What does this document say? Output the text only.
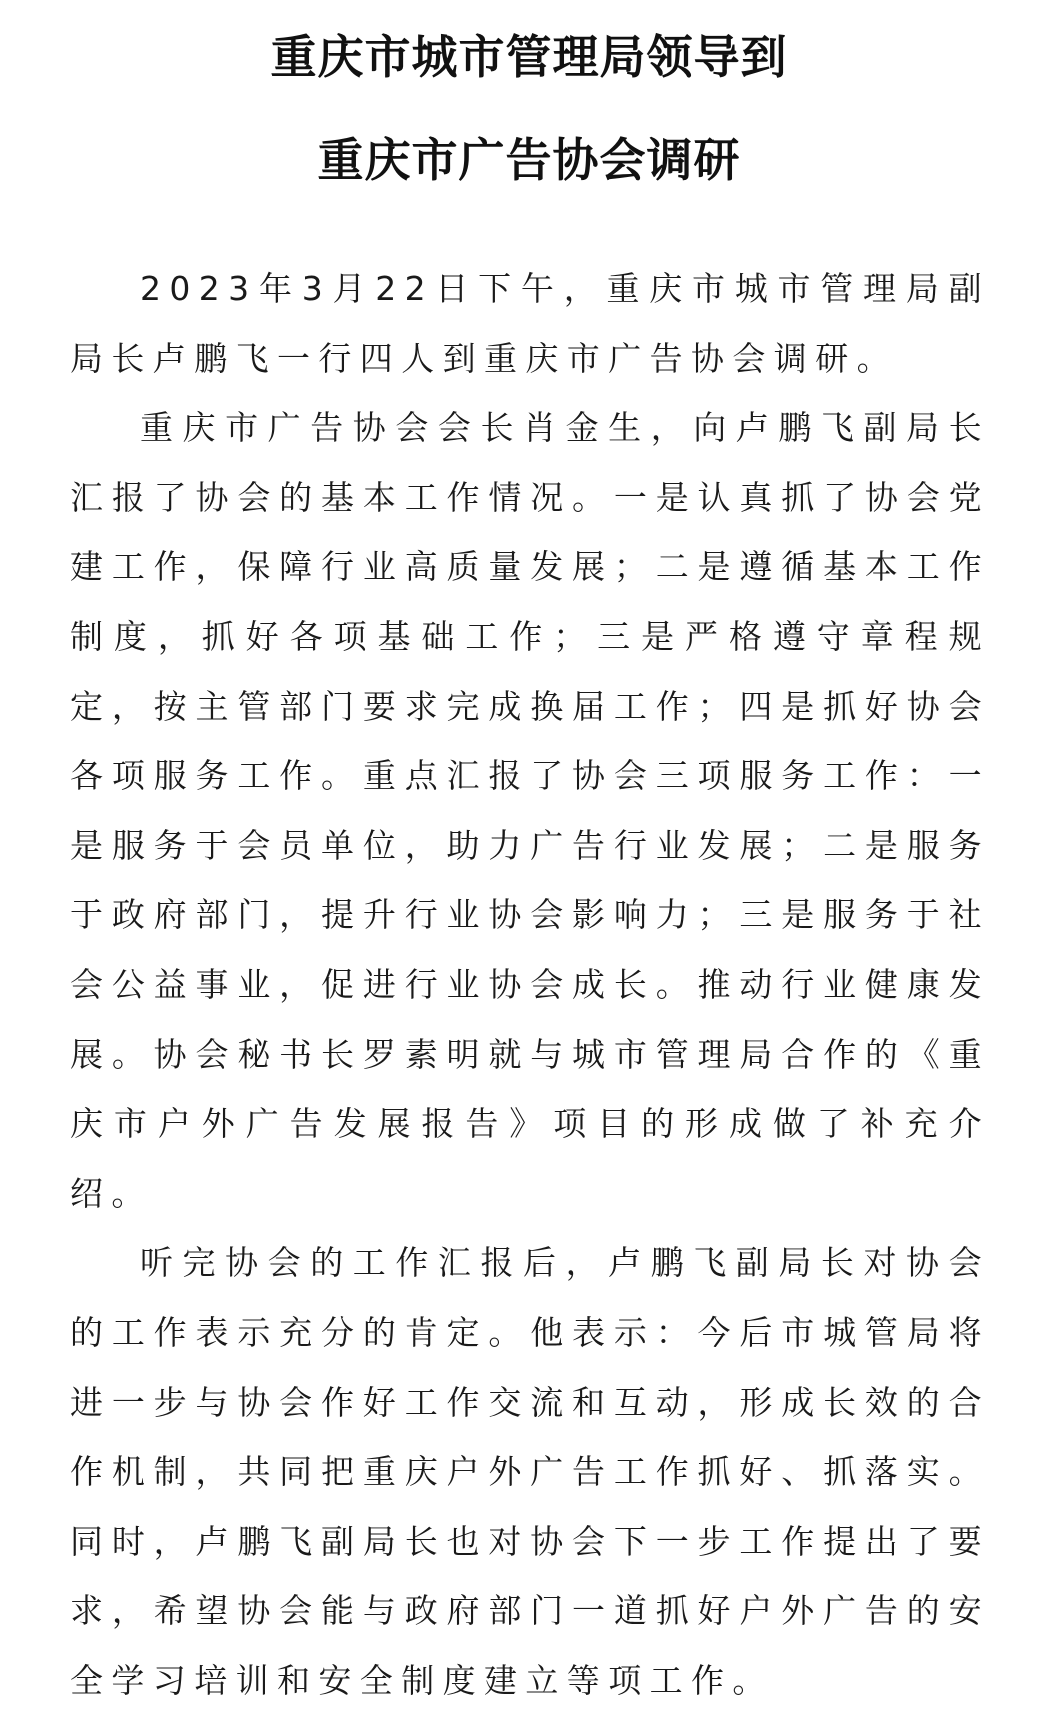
重庆市城市管理局领导到
重庆市广告协会调研

2023年3月22日下午，重庆市城市管理局副局长卢鹏飞一行四人到重庆市广告协会调研。

重庆市广告协会会长肖金生，向卢鹏飞副局长汇报了协会的基本工作情况。一是认真抓了协会党建工作，保障行业高质量发展；二是遵循基本工作制度，抓好各项基础工作；三是严格遵守章程规定，按主管部门要求完成换届工作；四是抓好协会各项服务工作。重点汇报了协会三项服务工作：一是服务于会员单位，助力广告行业发展；二是服务于政府部门，提升行业协会影响力；三是服务于社会公益事业，促进行业协会成长。推动行业健康发展。协会秘书长罗素明就与城市管理局合作的《重庆市户外广告发展报告》项目的形成做了补充介绍。

听完协会的工作汇报后，卢鹏飞副局长对协会的工作表示充分的肯定。他表示：今后市城管局将进一步与协会作好工作交流和互动，形成长效的合作机制，共同把重庆户外广告工作抓好、抓落实。同时，卢鹏飞副局长也对协会下一步工作提出了要求，希望协会能与政府部门一道抓好户外广告的安全学习培训和安全制度建立等项工作。
